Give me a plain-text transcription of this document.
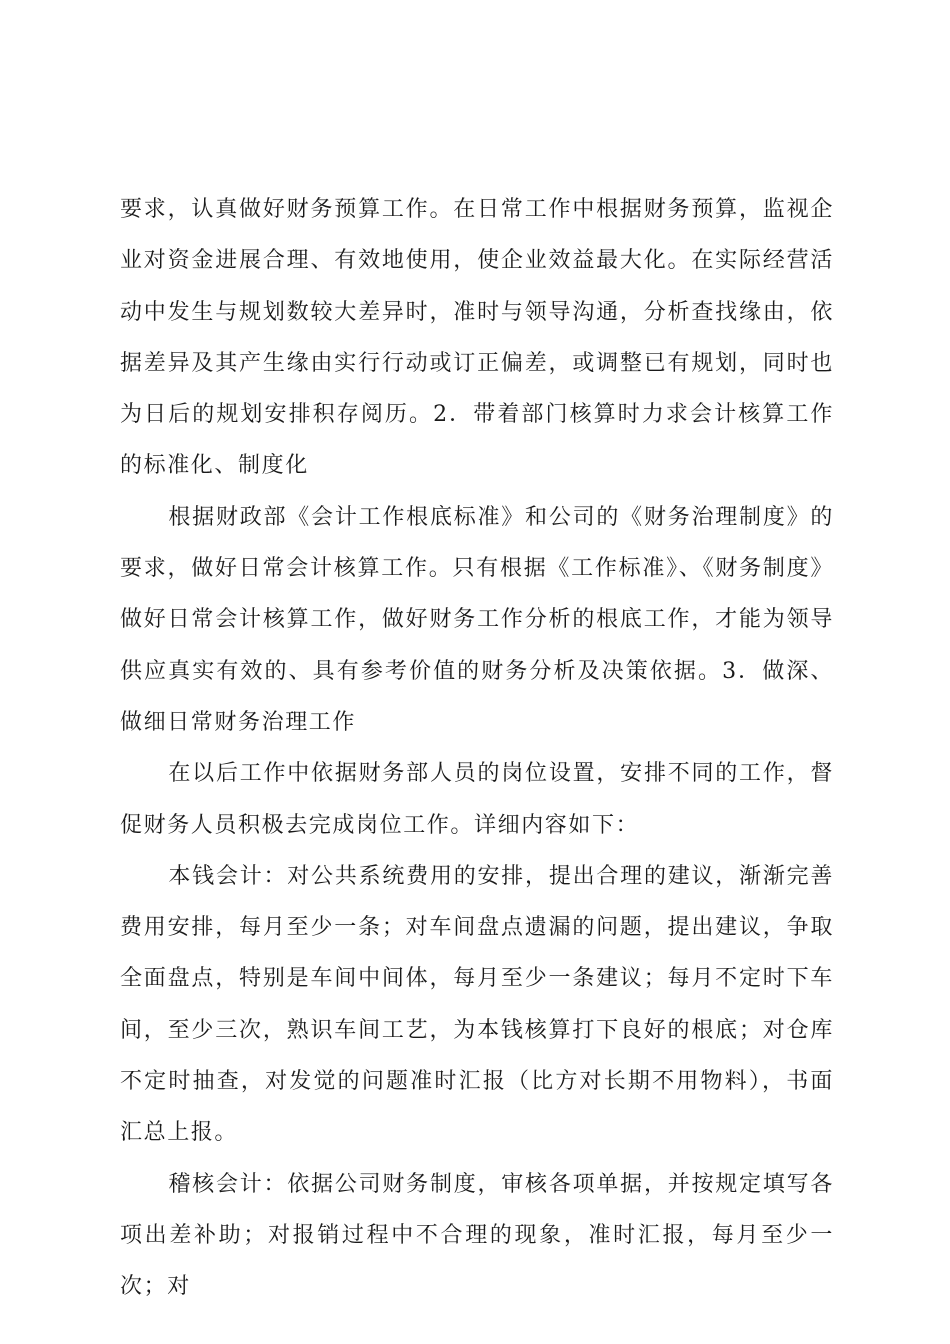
要求，认真做好财务预算工作。在日常工作中根据财务预算，监视企业对资金进展合理、有效地使用，使企业效益最大化。在实际经营活动中发生与规划数较大差异时，准时与领导沟通，分析查找缘由，依据差异及其产生缘由实行行动或订正偏差，或调整已有规划，同时也为日后的规划安排积存阅历。2．带着部门核算时力求会计核算工作的标准化、制度化

根据财政部《会计工作根底标准》和公司的《财务治理制度》的要求，做好日常会计核算工作。只有根据《工作标准》、《财务制度》做好日常会计核算工作，做好财务工作分析的根底工作，才能为领导供应真实有效的、具有参考价值的财务分析及决策依据。3．做深、做细日常财务治理工作

在以后工作中依据财务部人员的岗位设置，安排不同的工作，督促财务人员积极去完成岗位工作。详细内容如下：

本钱会计：对公共系统费用的安排，提出合理的建议，渐渐完善费用安排，每月至少一条；对车间盘点遗漏的问题，提出建议，争取全面盘点，特别是车间中间体，每月至少一条建议；每月不定时下车间，至少三次，熟识车间工艺，为本钱核算打下良好的根底；对仓库不定时抽查，对发觉的问题准时汇报（比方对长期不用物料），书面汇总上报。

稽核会计：依据公司财务制度，审核各项单据，并按规定填写各项出差补助；对报销过程中不合理的现象，准时汇报，每月至少一次；对
